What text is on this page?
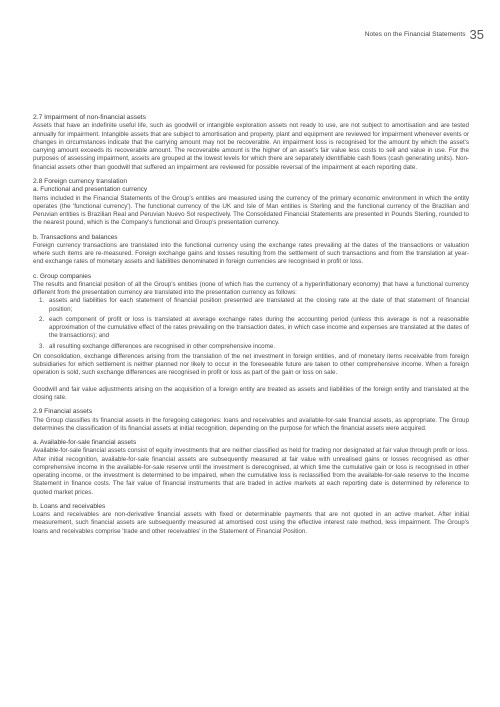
Notes on the Financial Statements 35
2.7 Impairment of non-financial assets

Assets that have an indefinite useful life, such as goodwill or intangible exploration assets not ready to use, are not subject to amortisation and are tested annually for impairment. Intangible assets that are subject to amortisation and property, plant and equipment are reviewed for impairment whenever events or changes in circumstances indicate that the carrying amount may not be recoverable. An impairment loss is recognised for the amount by which the asset's carrying amount exceeds its recoverable amount. The recoverable amount is the higher of an asset's fair value less costs to sell and value in use. For the purposes of assessing impairment, assets are grouped at the lowest levels for which there are separately identifiable cash flows (cash generating units). Non-financial assets other than goodwill that suffered an impairment are reviewed for possible reversal of the impairment at each reporting date.

2.8 Foreign currency translation
a. Functional and presentation currency

Items included in the Financial Statements of the Group's entities are measured using the currency of the primary economic environment in which the entity operates (the 'functional currency'). The functional currency of the UK and Isle of Man entities is Sterling and the functional currency of the Brazilian and Peruvian entities is Brazilian Real and Peruvian Nuevo Sol respectively. The Consolidated Financial Statements are presented in Pounds Sterling, rounded to the nearest pound, which is the Company's functional and Group's presentation currency.

b. Transactions and balances

Foreign currency transactions are translated into the functional currency using the exchange rates prevailing at the dates of the transactions or valuation where such items are re-measured. Foreign exchange gains and losses resulting from the settlement of such transactions and from the translation at year-end exchange rates of monetary assets and liabilities denominated in foreign currencies are recognised in profit or loss.

c. Group companies

The results and financial position of all the Group's entities (none of which has the currency of a hyperinflationary economy) that have a functional currency different from the presentation currency are translated into the presentation currency as follows:

1. assets and liabilities for each statement of financial position presented are translated at the closing rate at the date of that statement of financial position;
2. each component of profit or loss is translated at average exchange rates during the accounting period (unless this average is not a reasonable approximation of the cumulative effect of the rates prevailing on the transaction dates, in which case income and expenses are translated at the dates of the transactions); and
3. all resulting exchange differences are recognised in other comprehensive income.

On consolidation, exchange differences arising from the translation of the net investment in foreign entities, and of monetary items receivable from foreign subsidiaries for which settlement is neither planned nor likely to occur in the foreseeable future are taken to other comprehensive income. When a foreign operation is sold, such exchange differences are recognised in profit or loss as part of the gain or loss on sale.

Goodwill and fair value adjustments arising on the acquisition of a foreign entity are treated as assets and liabilities of the foreign entity and translated at the closing rate.

2.9 Financial assets

The Group classifies its financial assets in the foregoing categories: loans and receivables and available-for-sale financial assets, as appropriate. The Group determines the classification of its financial assets at initial recognition, depending on the purpose for which the financial assets were acquired.

a. Available-for-sale financial assets

Available-for-sale financial assets consist of equity investments that are neither classified as held for trading nor designated at fair value through profit or loss. After initial recognition, available-for-sale financial assets are subsequently measured at fair value with unrealised gains or losses recognised as other comprehensive income in the available-for-sale reserve until the investment is derecognised, at which time the cumulative gain or loss is recognised in other operating income, or the investment is determined to be impaired, when the cumulative loss is reclassified from the available-for-sale reserve to the Income Statement in finance costs. The fair value of financial instruments that are traded in active markets at each reporting date is determined by reference to quoted market prices.

b. Loans and receivables

Loans and receivables are non-derivative financial assets with fixed or determinable payments that are not quoted in an active market. After initial measurement, such financial assets are subsequently measured at amortised cost using the effective interest rate method, less impairment. The Group's loans and receivables comprise 'trade and other receivables' in the Statement of Financial Position.
